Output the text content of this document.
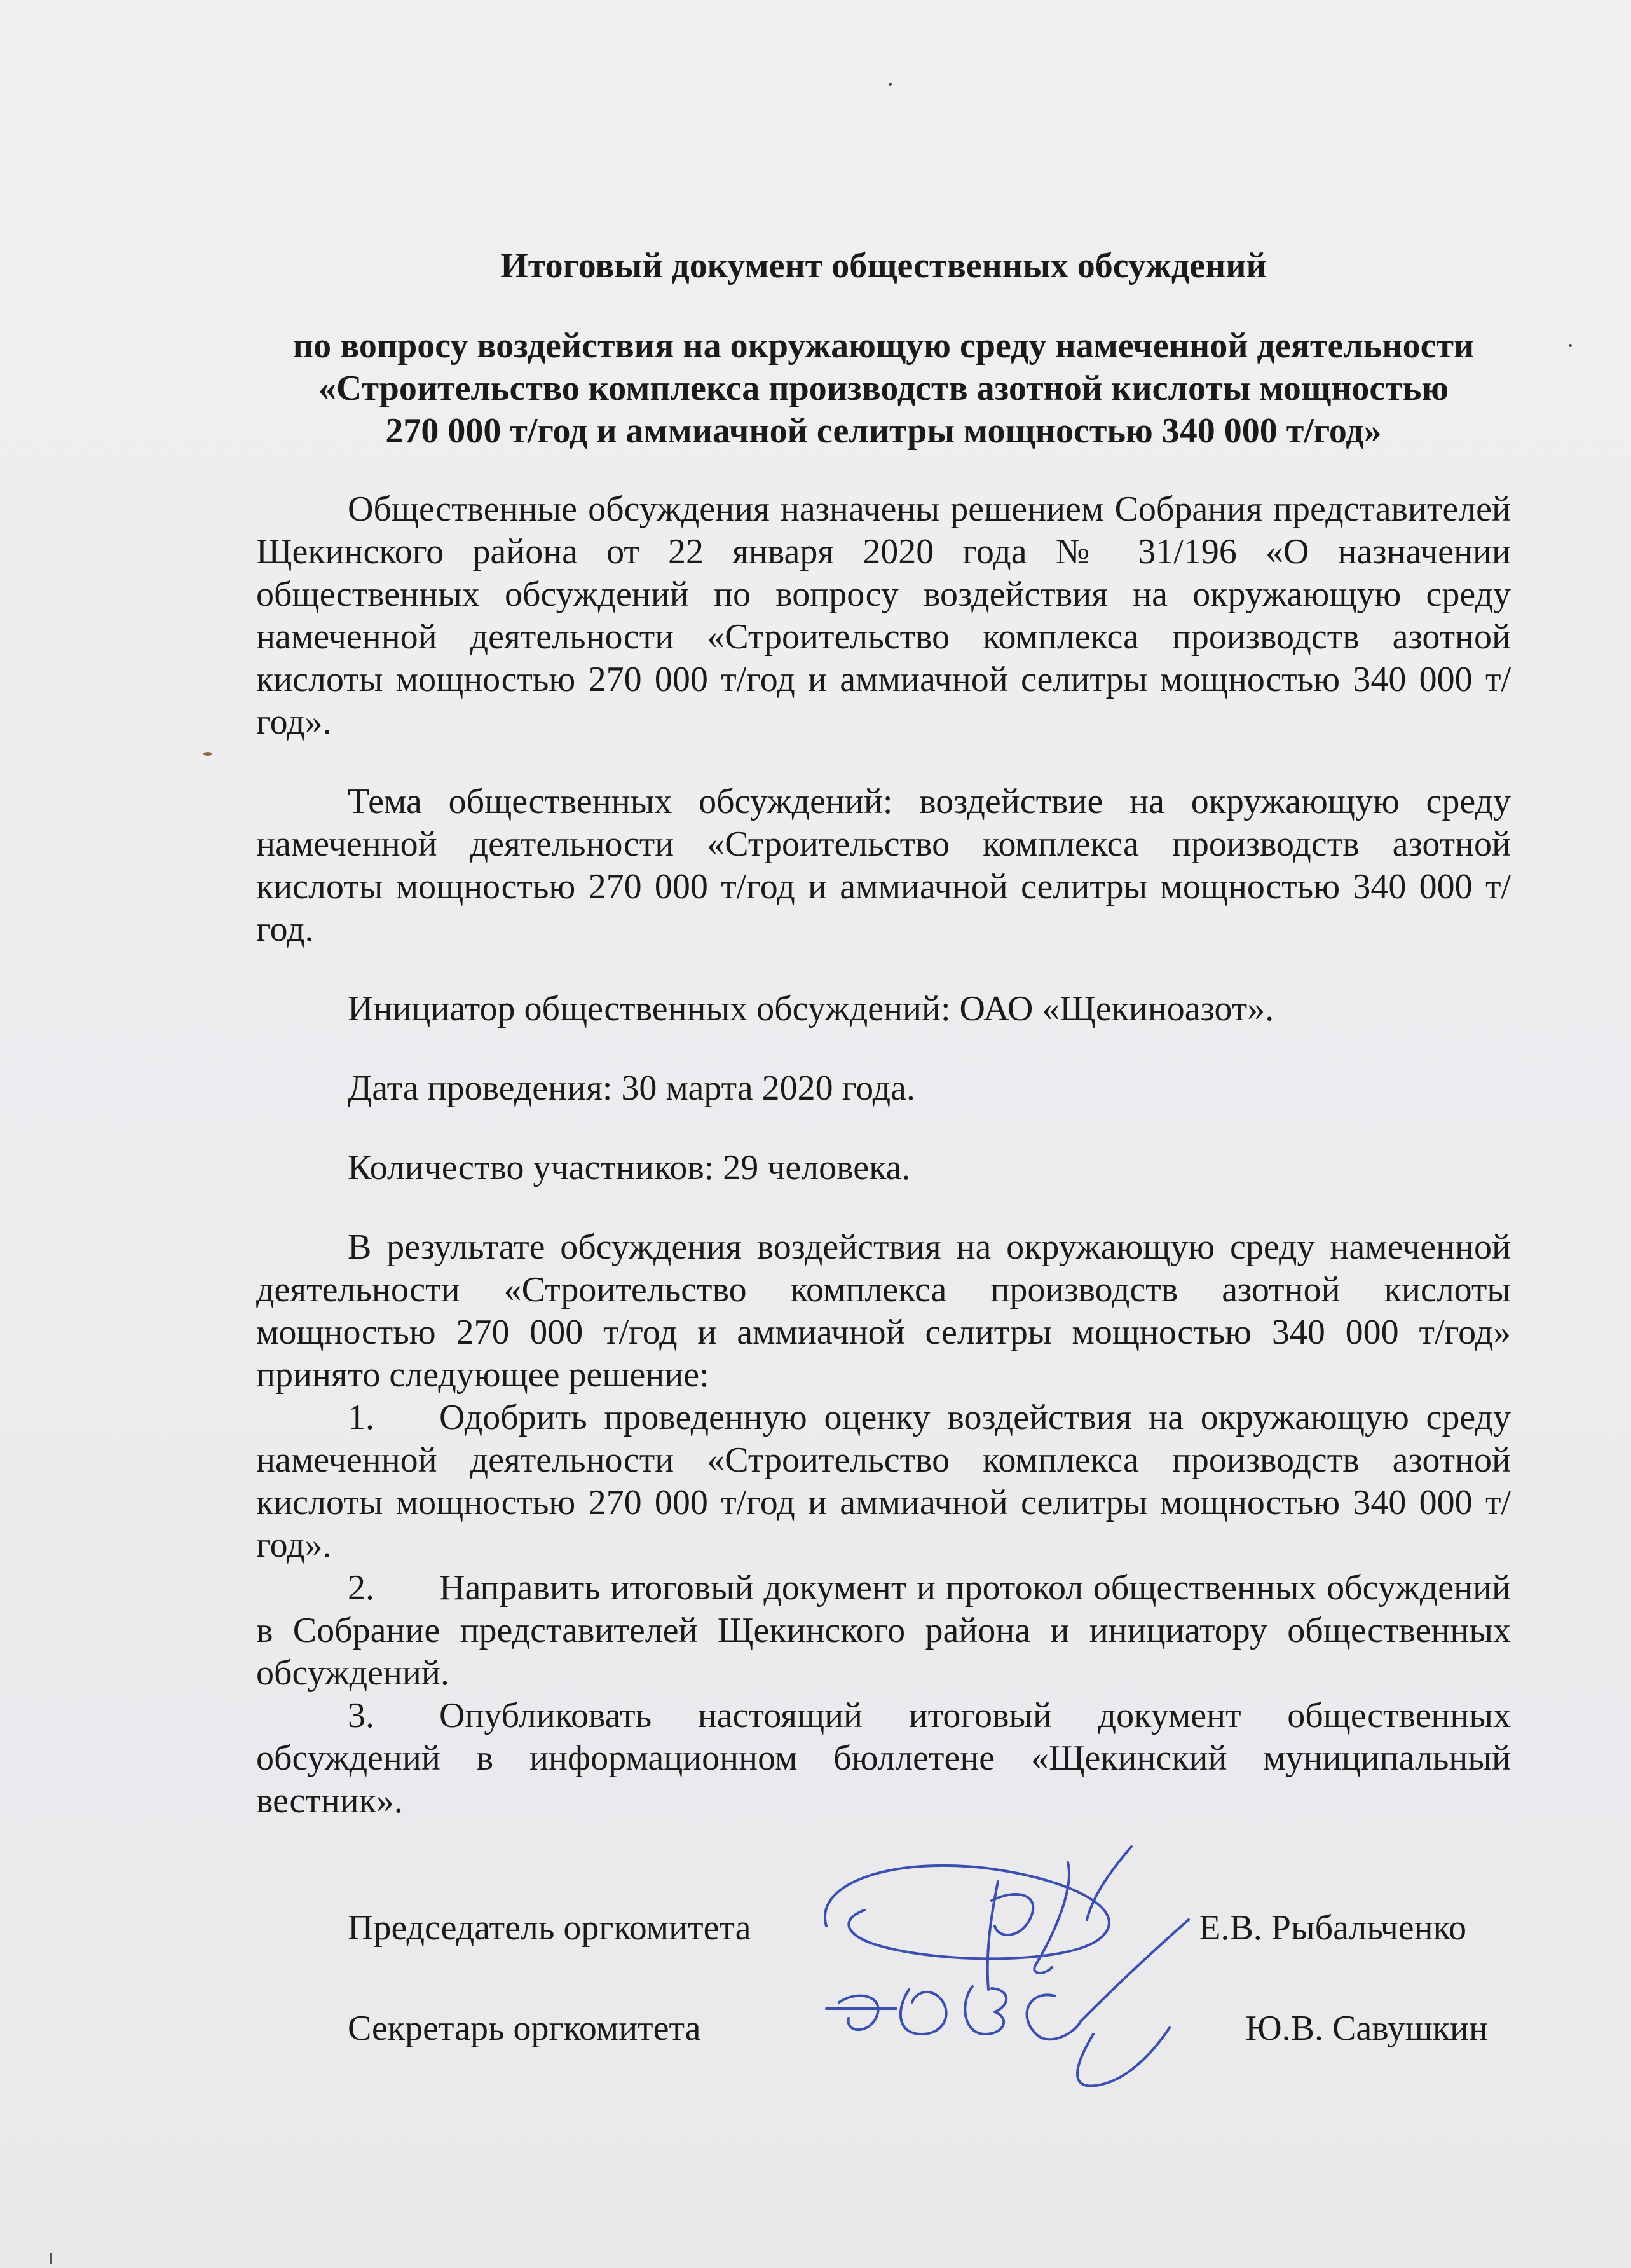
Итоговый документ общественных обсуждений

по вопросу воздействия на окружающую среду намеченной деятельности
«Строительство комплекса производств азотной кислоты мощностью
270 000 т/год и аммиачной селитры мощностью 340 000 т/год»

Общественные обсуждения назначены решением Собрания представителей Щекинского района от 22 января 2020 года № 31/196 «О назначении общественных обсуждений по вопросу воздействия на окружающую среду намеченной деятельности «Строительство комплекса производств азотной кислоты мощностью 270 000 т/год и аммиачной селитры мощностью 340 000 т/год».

Тема общественных обсуждений: воздействие на окружающую среду намеченной деятельности «Строительство комплекса производств азотной кислоты мощностью 270 000 т/год и аммиачной селитры мощностью 340 000 т/год.

Инициатор общественных обсуждений: ОАО «Щекиноазот».

Дата проведения: 30 марта 2020 года.

Количество участников: 29 человека.

В результате обсуждения воздействия на окружающую среду намеченной деятельности «Строительство комплекса производств азотной кислоты мощностью 270 000 т/год и аммиачной селитры мощностью 340 000 т/год» принято следующее решение:

1. Одобрить проведенную оценку воздействия на окружающую среду намеченной деятельности «Строительство комплекса производств азотной кислоты мощностью 270 000 т/год и аммиачной селитры мощностью 340 000 т/год».

2. Направить итоговый документ и протокол общественных обсуждений в Собрание представителей Щекинского района и инициатору общественных обсуждений.

3. Опубликовать настоящий итоговый документ общественных обсуждений в информационном бюллетене «Щекинский муниципальный вестник».

Председатель оргкомитета	Е.В. Рыбальченко
Секретарь оргкомитета	Ю.В. Савушкин
